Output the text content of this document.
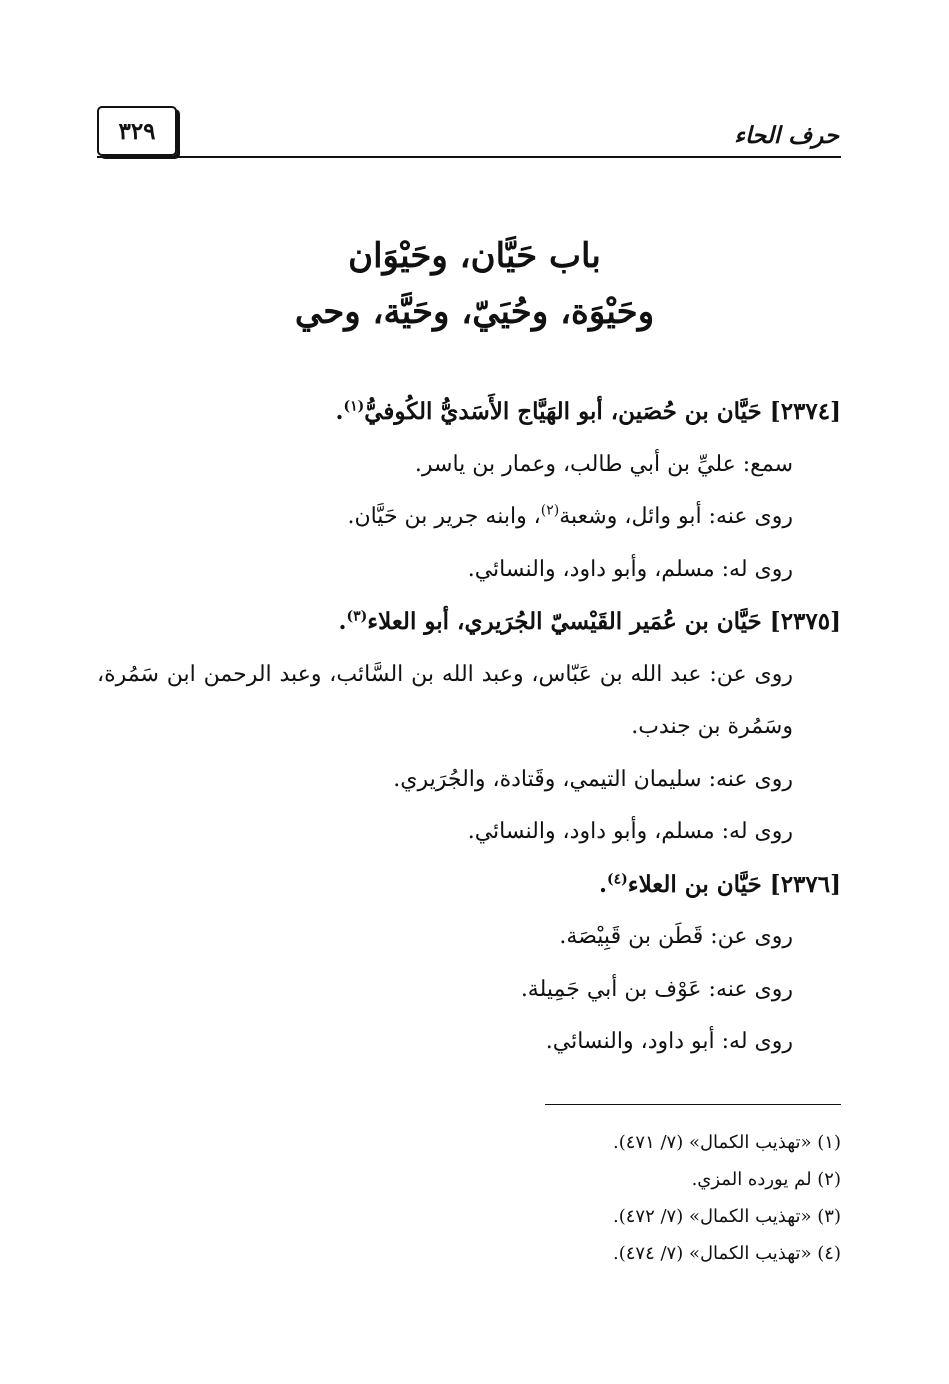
حرف الحاء
٣٢٩
باب حَيَّان، وحَيْوَان
وحَيْوَة، وحُيَيّ، وحَيَّة، وحي
[٢٣٧٤] حَيَّان بن حُصَين، أبو الهَيَّاج الأَسَديُّ الكُوفيُّ$^{(١)}$.
سمع: عليِّ بن أبي طالب، وعمار بن ياسر.
روى عنه: أبو وائل، وشعبة$^{(٢)}$، وابنه جرير بن حَيَّان.
روى له: مسلم، وأبو داود، والنسائي.
[٢٣٧٥] حَيَّان بن عُمَير القَيْسيّ الجُرَيري، أبو العلاء$^{(٣)}$.
روى عن: عبد الله بن عَبّاس، وعبد الله بن السَّائب، وعبد الرحمن ابن سَمُرة، وسَمُرة بن جندب.
روى عنه: سليمان التيمي، وقَتادة، والجُرَيري.
روى له: مسلم، وأبو داود، والنسائي.
[٢٣٧٦] حَيَّان بن العلاء$^{(٤)}$.
روى عن: قَطَن بن قَبِيْصَة.
روى عنه: عَوْف بن أبي جَمِيلة.
روى له: أبو داود، والنسائي.
(١) «تهذيب الكمال» (٧/ ٤٧١).
(٢) لم يورده المزي.
(٣) «تهذيب الكمال» (٧/ ٤٧٢).
(٤) «تهذيب الكمال» (٧/ ٤٧٤).
